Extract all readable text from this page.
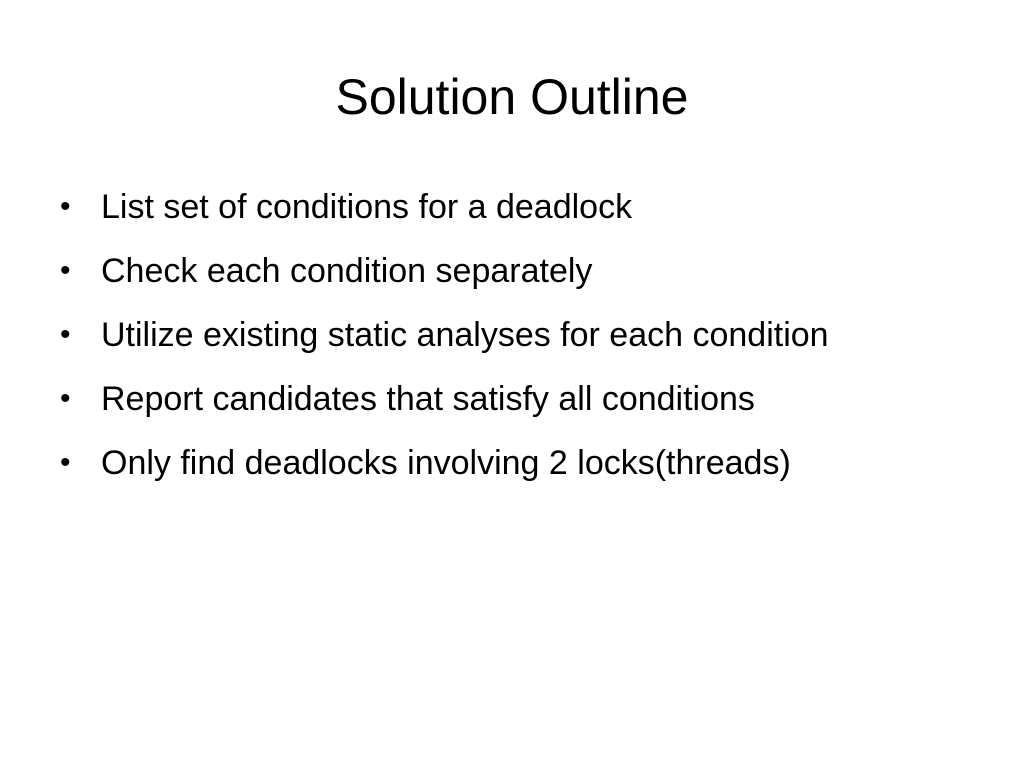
Solution Outline
• List set of conditions for a deadlock
• Check each condition separately
• Utilize existing static analyses for each condition
• Report candidates that satisfy all conditions
• Only find deadlocks involving 2 locks(threads)
